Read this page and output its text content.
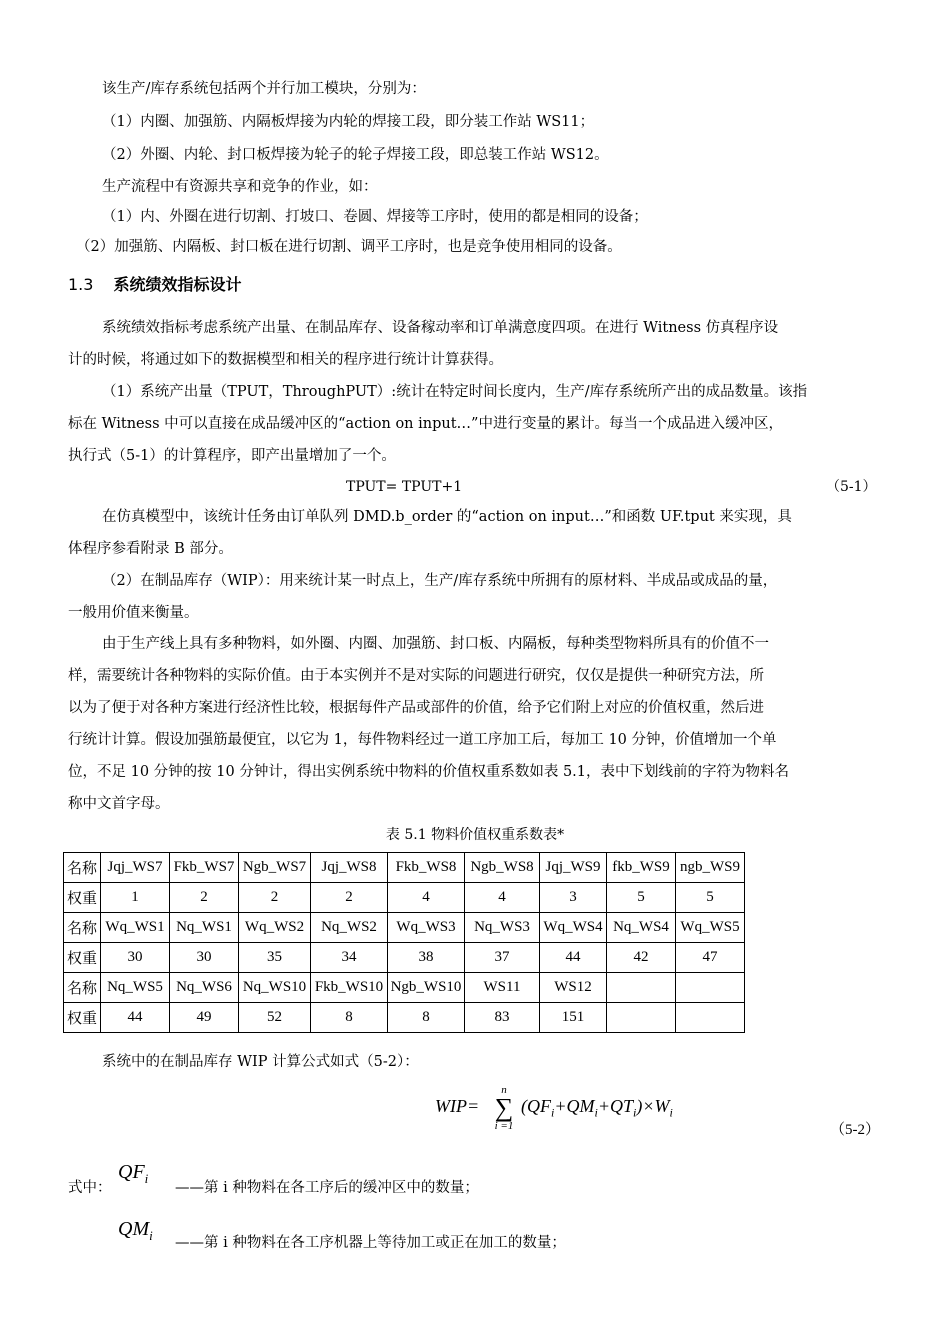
该生产/库存系统包括两个并行加工模块，分别为：
（1）内圈、加强筋、内隔板焊接为内轮的焊接工段，即分装工作站 WS11；
（2）外圈、内轮、封口板焊接为轮子的轮子焊接工段，即总装工作站 WS12。
生产流程中有资源共享和竞争的作业，如：
（1）内、外圈在进行切割、打坡口、卷圆、焊接等工序时，使用的都是相同的设备；
（2）加强筋、内隔板、封口板在进行切割、调平工序时，也是竞争使用相同的设备。
1.3 系统绩效指标设计
系统绩效指标考虑系统产出量、在制品库存、设备稼动率和订单满意度四项。在进行 Witness 仿真程序设
计的时候，将通过如下的数据模型和相关的程序进行统计计算获得。
（1）系统产出量（TPUT，ThroughPUT）:统计在特定时间长度内，生产/库存系统所产出的成品数量。该指
标在 Witness 中可以直接在成品缓冲区的“action on input…”中进行变量的累计。每当一个成品进入缓冲区，
执行式（5-1）的计算程序，即产出量增加了一个。
TPUT= TPUT+1	（5-1）
在仿真模型中，该统计任务由订单队列 DMD.b_order 的“action on input…”和函数 UF.tput 来实现，具
体程序参看附录 B 部分。
（2）在制品库存（WIP）：用来统计某一时点上，生产/库存系统中所拥有的原材料、半成品或成品的量，
一般用价值来衡量。
由于生产线上具有多种物料，如外圈、内圈、加强筋、封口板、内隔板，每种类型物料所具有的价值不一
样，需要统计各种物料的实际价值。由于本实例并不是对实际的问题进行研究，仅仅是提供一种研究方法，所
以为了便于对各种方案进行经济性比较，根据每件产品或部件的价值，给予它们附上对应的价值权重，然后进
行统计计算。假设加强筋最便宜，以它为 1，每件物料经过一道工序加工后，每加工 10 分钟，价值增加一个单
位，不足 10 分钟的按 10 分钟计，得出实例系统中物料的价值权重系数如表 5.1，表中下划线前的字符为物料名
称中文首字母。
表 5.1 物料价值权重系数表*
名称	Jqj_WS7	Fkb_WS7	Ngb_WS7	Jqj_WS8	Fkb_WS8	Ngb_WS8	Jqj_WS9	fkb_WS9	ngb_WS9
权重	1	2	2	2	4	4	3	5	5
名称	Wq_WS1	Nq_WS1	Wq_WS2	Nq_WS2	Wq_WS3	Nq_WS3	Wq_WS4	Nq_WS4	Wq_WS5
权重	30	30	35	34	38	37	44	42	47
名称	Nq_WS5	Nq_WS6	Nq_WS10	Fkb_WS10	Ngb_WS10	WS11	WS12		
权重	44	49	52	8	8	83	151		
系统中的在制品库存 WIP 计算公式如式（5-2）：
WIP=
n
∑
i =1
$(QF_i+QM_i+QT_i)\times W_i$
（5-2）
式中：
$QF_i$
——第 i 种物料在各工序后的缓冲区中的数量；
$QM_i$ ——第 i 种物料在各工序机器上等待加工或正在加工的数量；
